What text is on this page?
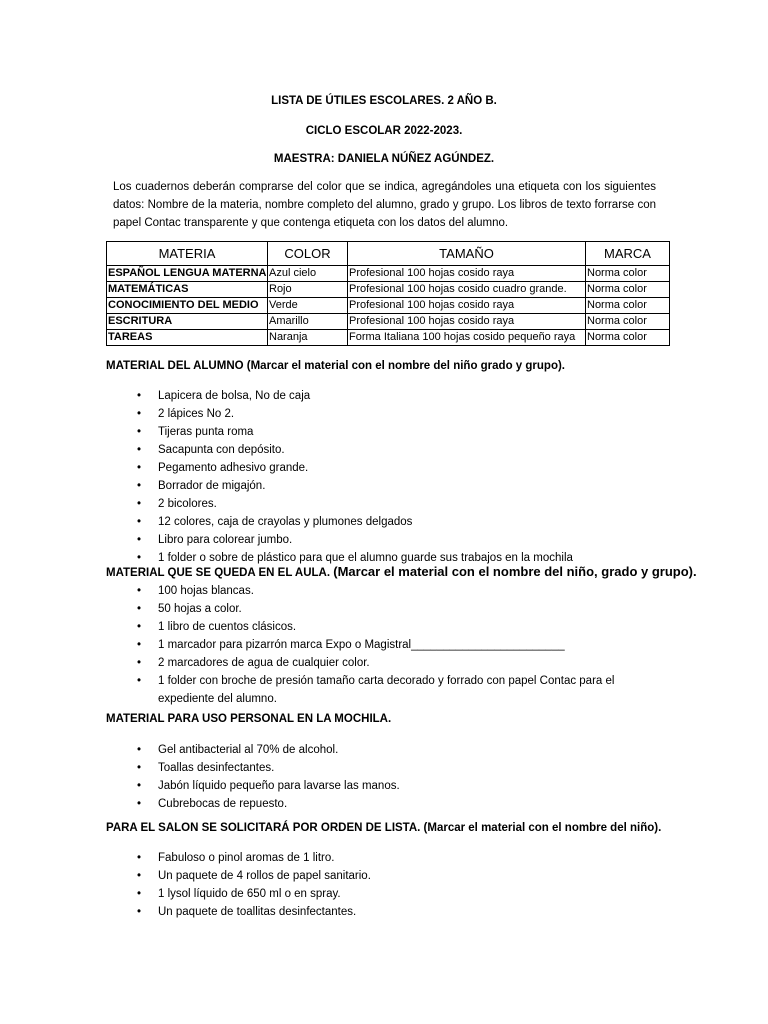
LISTA DE ÚTILES ESCOLARES. 2 AÑO B.
CICLO ESCOLAR 2022-2023.
MAESTRA: DANIELA NÚÑEZ AGÚNDEZ.
Los cuadernos deberán comprarse del color que se indica, agregándoles una etiqueta con los siguientes datos: Nombre de la materia, nombre completo del alumno, grado y grupo. Los libros de texto forrarse con papel Contac transparente y que contenga etiqueta con los datos del alumno.
MATERIA	COLOR	TAMAÑO	MARCA
ESPAÑOL LENGUA MATERNA	Azul cielo	Profesional 100 hojas cosido raya	Norma color
MATEMÁTICAS	Rojo	Profesional 100 hojas cosido cuadro grande.	Norma color
CONOCIMIENTO DEL MEDIO	Verde	Profesional 100 hojas cosido raya	Norma color
ESCRITURA	Amarillo	Profesional 100 hojas cosido raya	Norma color
TAREAS	Naranja	Forma Italiana 100 hojas cosido pequeño raya	Norma color
MATERIAL DEL ALUMNO (Marcar el material con el nombre del niño grado y grupo).
• Lapicera de bolsa, No de caja
• 2 lápices No 2.
• Tijeras punta roma
• Sacapunta con depósito.
• Pegamento adhesivo grande.
• Borrador de migajón.
• 2 bicolores.
• 12 colores, caja de crayolas y plumones delgados
• Libro para colorear jumbo.
• 1 folder o sobre de plástico para que el alumno guarde sus trabajos en la mochila
MATERIAL QUE SE QUEDA EN EL AULA. (Marcar el material con el nombre del niño, grado y grupo).
• 100 hojas blancas.
• 50 hojas a color.
• 1 libro de cuentos clásicos.
• 1 marcador para pizarrón marca Expo o Magistral________________________
• 2 marcadores de agua de cualquier color.
• 1 folder con broche de presión tamaño carta decorado y forrado con papel Contac para el expediente del alumno.
MATERIAL PARA USO PERSONAL EN LA MOCHILA.
• Gel antibacterial al 70% de alcohol.
• Toallas desinfectantes.
• Jabón líquido pequeño para lavarse las manos.
• Cubrebocas de repuesto.
PARA EL SALON SE SOLICITARÁ POR ORDEN DE LISTA. (Marcar el material con el nombre del niño).
• Fabuloso o pinol aromas de 1 litro.
• Un paquete de 4 rollos de papel sanitario.
• 1 lysol líquido de 650 ml o en spray.
• Un paquete de toallitas desinfectantes.
